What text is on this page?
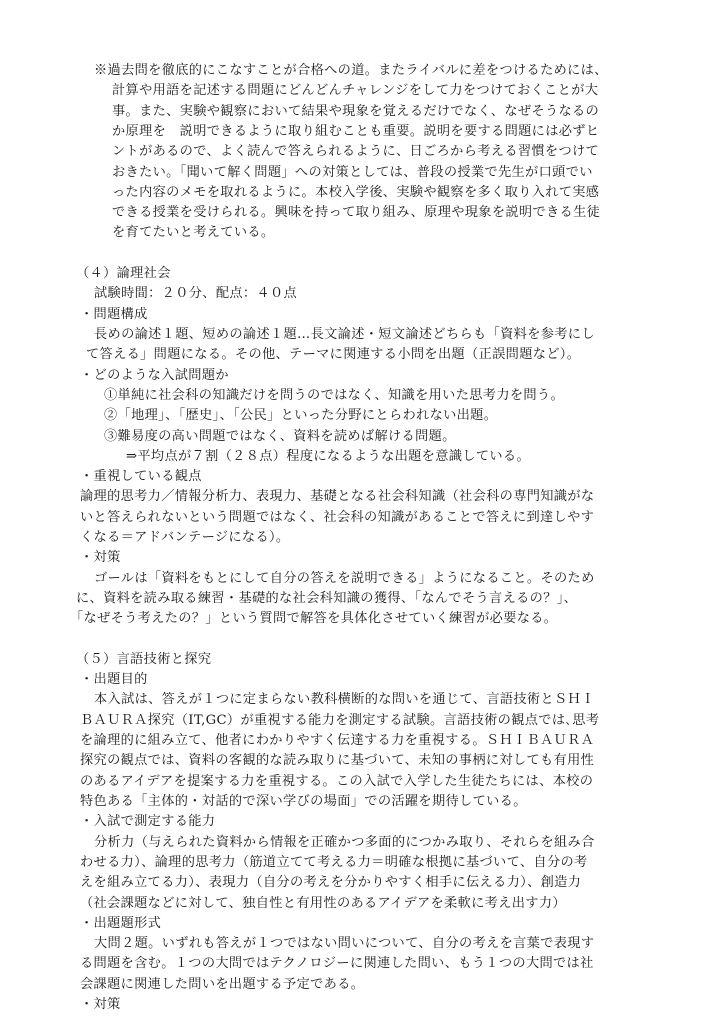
※過去問を徹底的にこなすことが合格への道。またライバルに差をつけるためには、
計算や用語を記述する問題にどんどんチャレンジをして力をつけておくことが大
事。また、実験や観察において結果や現象を覚えるだけでなく、なぜそうなるの
か原理を　説明できるように取り組むことも重要。説明を要する問題には必ずヒ
ントがあるので、よく読んで答えられるように、日ごろから考える習慣をつけて
おきたい。「聞いて解く問題」への対策としては、普段の授業で先生が口頭でい
った内容のメモを取れるように。本校入学後、実験や観察を多く取り入れて実感
できる授業を受けられる。興味を持って取り組み、原理や現象を説明できる生徒
を育てたいと考えている。
（４）論理社会
試験時間：２０分、配点：４０点
・問題構成
長めの論述１題、短めの論述１題…長文論述・短文論述どちらも「資料を参考にし
て答える」問題になる。その他、テーマに関連する小問を出題（正誤問題など）。
・どのような入試問題か
①単純に社会科の知識だけを問うのではなく、知識を用いた思考力を問う。
②「地理」、「歴史」、「公民」といった分野にとらわれない出題。
③難易度の高い問題ではなく、資料を読めば解ける問題。
⇒平均点が７割（２８点）程度になるような出題を意識している。
・重視している観点
論理的思考力／情報分析力、表現力、基礎となる社会科知識（社会科の専門知識がな
いと答えられないという問題ではなく、社会科の知識があることで答えに到達しやす
くなる＝アドバンテージになる）。
・対策
ゴールは「資料をもとにして自分の答えを説明できる」ようになること。そのため
に、資料を読み取る練習・基礎的な社会科知識の獲得、「なんでそう言えるの？」、
「なぜそう考えたの？」という質問で解答を具体化させていく練習が必要なる。
（５）言語技術と探究
・出題目的
本入試は、答えが１つに定まらない教科横断的な問いを通じて、言語技術とＳＨＩ
ＢＡＵＲＡ探究（IT,GC）が重視する能力を測定する試験。言語技術の観点では､思考
を論理的に組み立て、他者にわかりやすく伝達する力を重視する。ＳＨＩＢＡＵＲＡ
探究の観点では、資料の客観的な読み取りに基づいて、未知の事柄に対しても有用性
のあるアイデアを提案する力を重視する。この入試で入学した生徒たちには、本校の
特色ある「主体的・対話的で深い学びの場面」での活躍を期待している。
・入試で測定する能力
分析力（与えられた資料から情報を正確かつ多面的につかみ取り、それらを組み合
わせる力）、論理的思考力（筋道立てて考える力＝明確な根拠に基づいて、自分の考
えを組み立てる力）、表現力（自分の考えを分かりやすく相手に伝える力）、創造力
（社会課題などに対して、独自性と有用性のあるアイデアを柔軟に考え出す力）
・出題題形式
大問２題。いずれも答えが１つではない問いについて、自分の考えを言葉で表現す
る問題を含む。１つの大問ではテクノロジーに関連した問い、もう１つの大問では社
会課題に関連した問いを出題する予定である。
・対策
